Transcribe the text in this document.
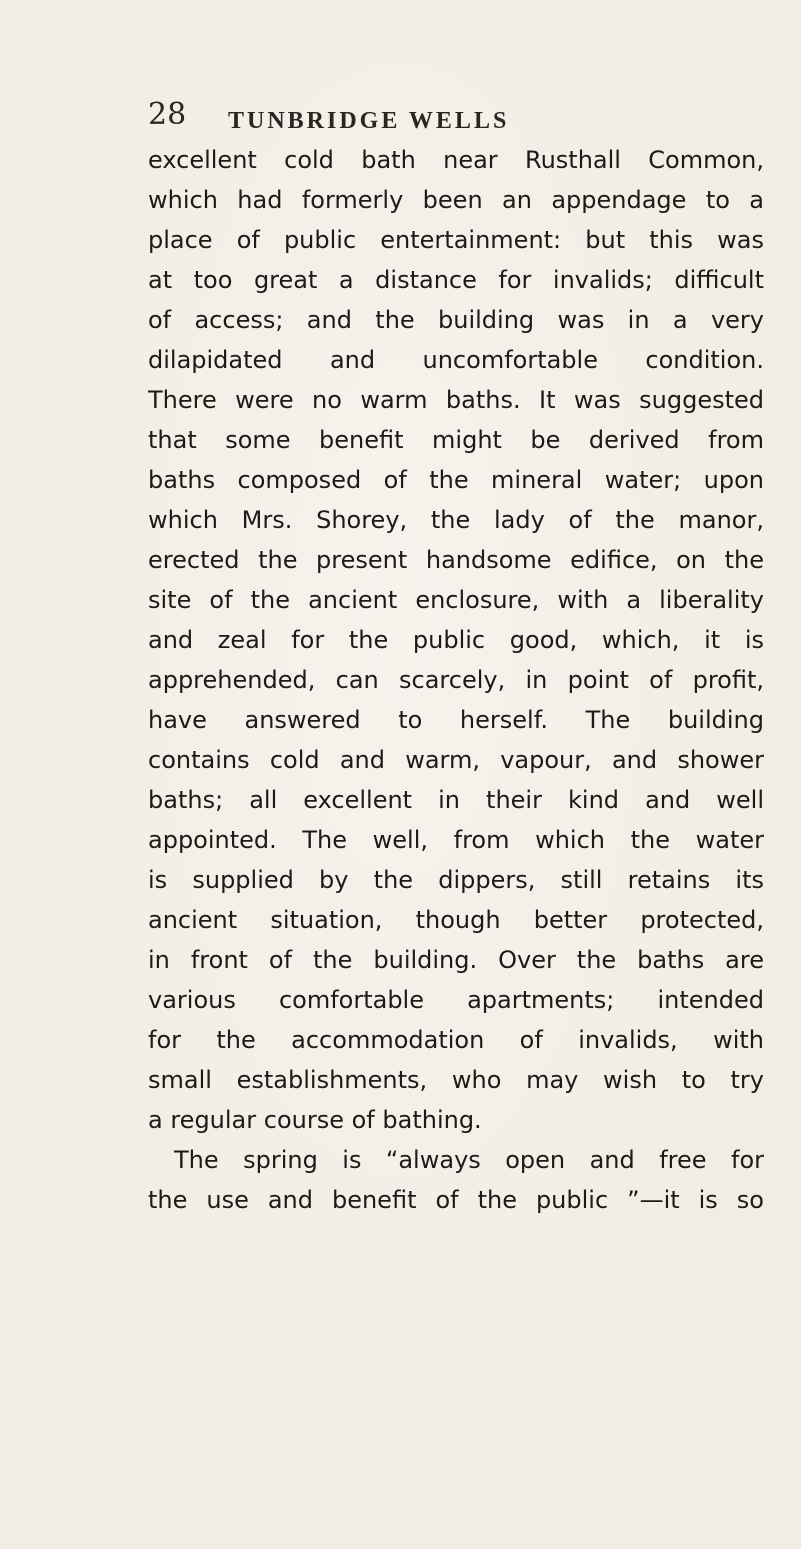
28 TUNBRIDGE WELLS
excellent cold bath near Rusthall Common,
which had formerly been an appendage to a
place of public entertainment: but this was
at too great a distance for invalids; difficult
of access; and the building was in a very
dilapidated and uncomfortable condition.
There were no warm baths. It was suggested
that some benefit might be derived from
baths composed of the mineral water; upon
which Mrs. Shorey, the lady of the manor,
erected the present handsome edifice, on the
site of the ancient enclosure, with a liberality
and zeal for the public good, which, it is
apprehended, can scarcely, in point of profit,
have answered to herself. The building
contains cold and warm, vapour, and shower
baths; all excellent in their kind and well
appointed. The well, from which the water
is supplied by the dippers, still retains its
ancient situation, though better protected,
in front of the building. Over the baths are
various comfortable apartments; intended
for the accommodation of invalids, with
small establishments, who may wish to try
a regular course of bathing.
The spring is “always open and free for
the use and benefit of the public ”—it is so
